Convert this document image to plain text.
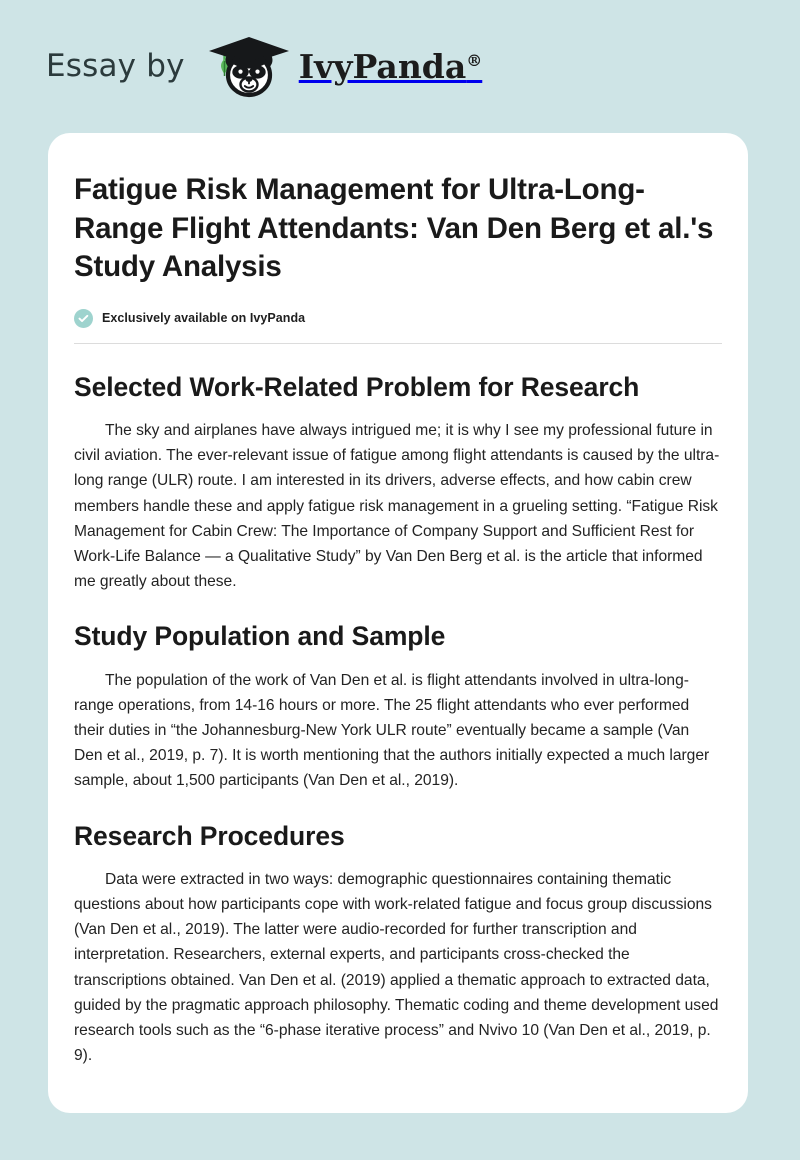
Essay by	IvyPanda®
Fatigue Risk Management for Ultra-Long-Range Flight Attendants: Van Den Berg et al.'s Study Analysis
Exclusively available on IvyPanda
Selected Work-Related Problem for Research

The sky and airplanes have always intrigued me; it is why I see my professional future in civil aviation. The ever-relevant issue of fatigue among flight attendants is caused by the ultra-long range (ULR) route. I am interested in its drivers, adverse effects, and how cabin crew members handle these and apply fatigue risk management in a grueling setting. “Fatigue Risk Management for Cabin Crew: The Importance of Company Support and Sufficient Rest for Work-Life Balance — a Qualitative Study” by Van Den Berg et al. is the article that informed me greatly about these.

Study Population and Sample

The population of the work of Van Den et al. is flight attendants involved in ultra-long-range operations, from 14-16 hours or more. The 25 flight attendants who ever performed their duties in “the Johannesburg-New York ULR route” eventually became a sample (Van Den et al., 2019, p. 7). It is worth mentioning that the authors initially expected a much larger sample, about 1,500 participants (Van Den et al., 2019).

Research Procedures

Data were extracted in two ways: demographic questionnaires containing thematic questions about how participants cope with work-related fatigue and focus group discussions (Van Den et al., 2019). The latter were audio-recorded for further transcription and interpretation. Researchers, external experts, and participants cross-checked the transcriptions obtained. Van Den et al. (2019) applied a thematic approach to extracted data, guided by the pragmatic approach philosophy. Thematic coding and theme development used research tools such as the “6-phase iterative process” and Nvivo 10 (Van Den et al., 2019, p. 9).
